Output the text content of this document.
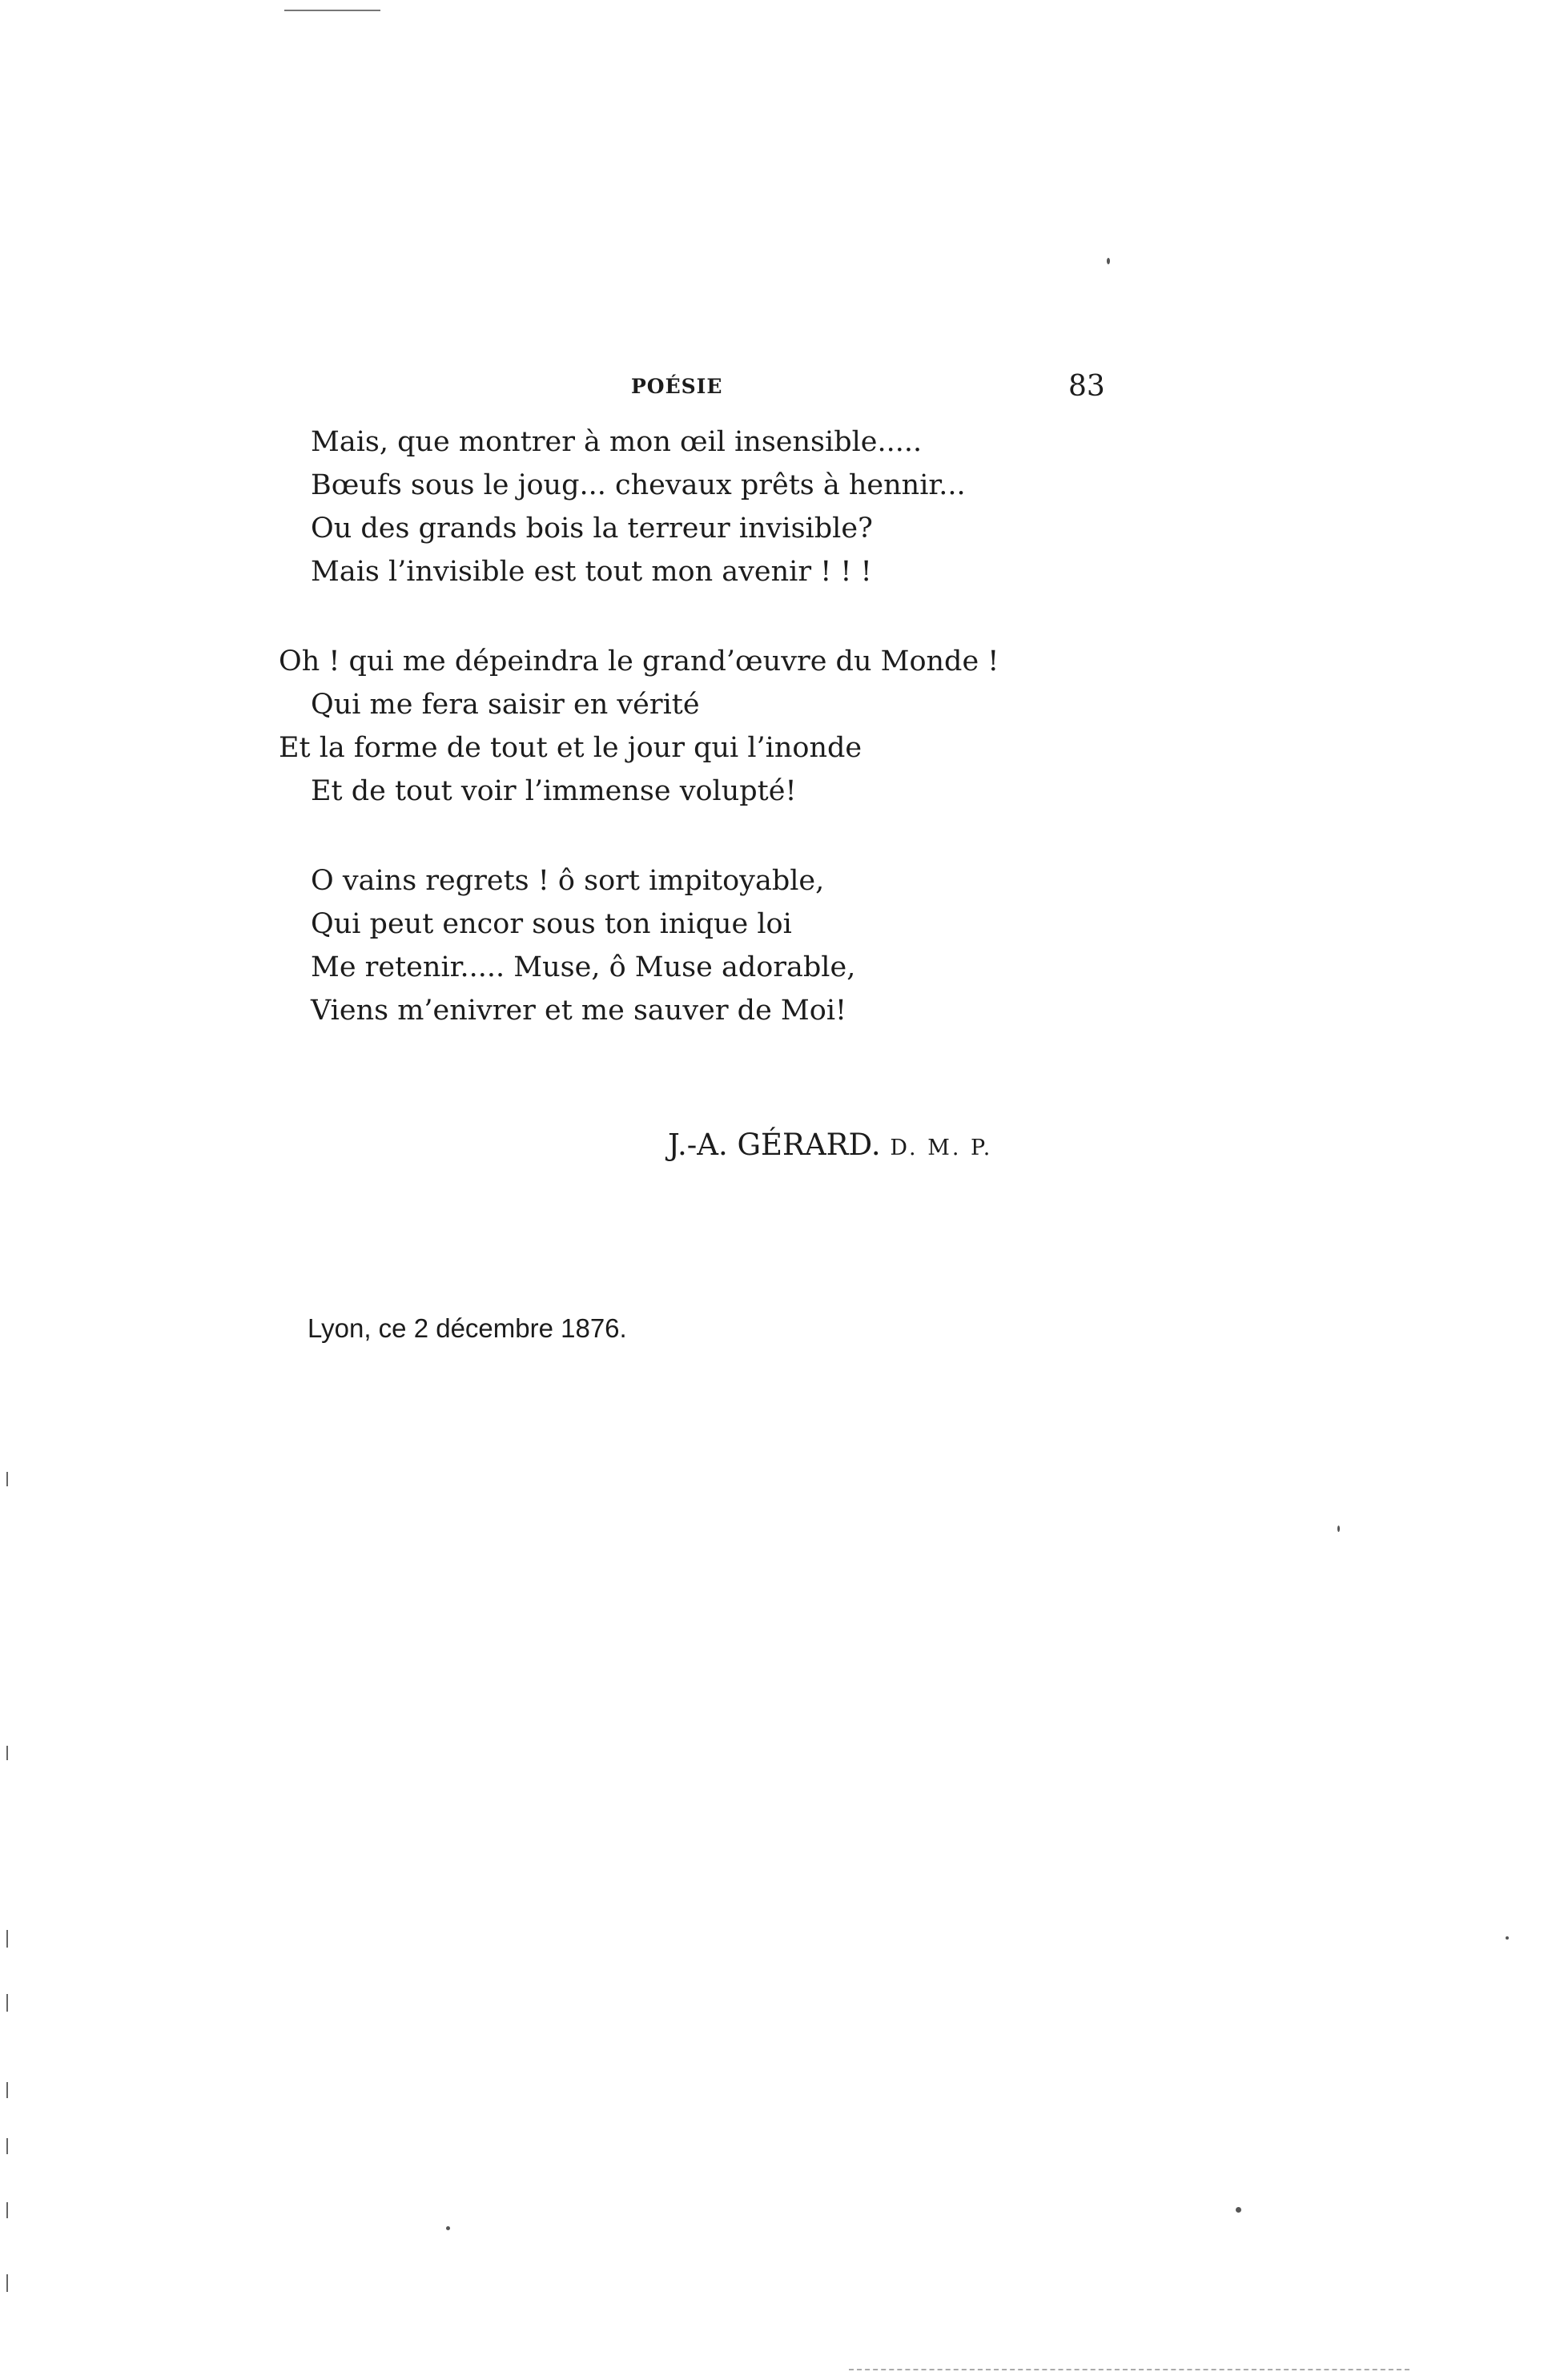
POÉSIE	83
Mais, que montrer à mon œil insensible.....
Bœufs sous le joug... chevaux prêts à hennir...
Ou des grands bois la terreur invisible?
Mais l’invisible est tout mon avenir ! ! !
Oh ! qui me dépeindra le grand’œuvre du Monde !
Qui me fera saisir en vérité
Et la forme de tout et le jour qui l’inonde
Et de tout voir l’immense volupté!
O vains regrets ! ô sort impitoyable,
Qui peut encor sous ton inique loi
Me retenir..... Muse, ô Muse adorable,
Viens m’enivrer et me sauver de Moi!
J.-A. GÉRARD. D. M. P.
Lyon, ce 2 décembre 1876.
